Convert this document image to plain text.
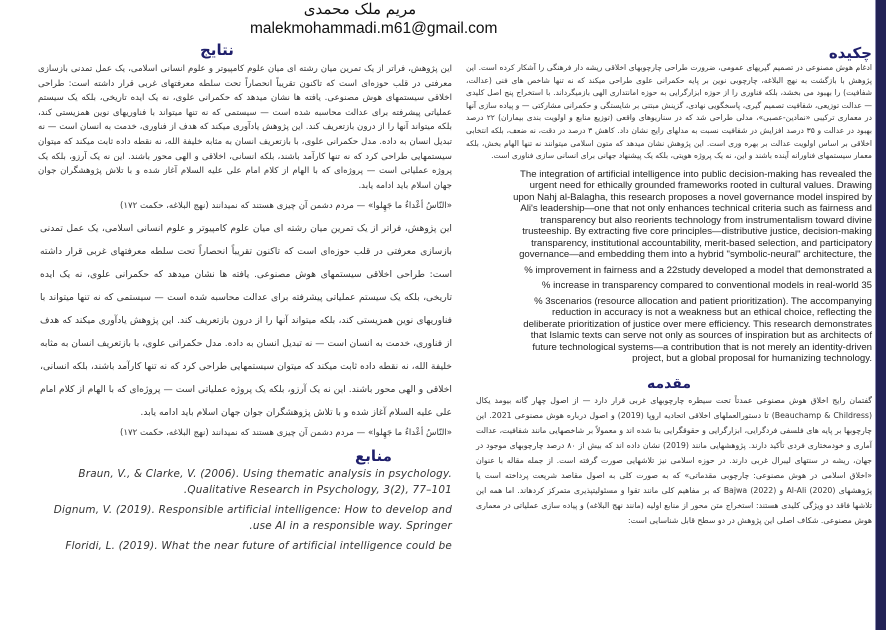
مریم ملک محمدی
malekmohammadi.m61@gmail.com
نتایج
این پژوهش، فراتر از یک تمرین میان رشته ای میان علوم کامپیوتر و علوم انسانی اسلامی، یک عمل تمدنی بازسازی معرفتی در قلب حوزه‌ای است که تاکنون تقریباً انحصاراً تحت سلطه معرفتهای غربی قرار داشته است: طراحی اخلاقی سیستمهای هوش مصنوعی. یافته ها نشان میدهد که حکمرانی علوی، نه یک ایده تاریخی، بلکه یک سیستم عملیاتی پیشرفته برای عدالت محاسبه شده است — سیستمی که نه تنها میتواند با فناوریهای نوین همزیستی کند، بلکه میتواند آنها را از درون بازتعریف کند. این پژوهش یادآوری میکند که هدف از فناوری، خدمت به انسان است — نه تبدیل انسان به داده. مدل حکمرانی علوی، با بازتعریف انسان به مثابه خلیفة الله، نه نقطه داده ثابت میکند که میتوان سیستمهایی طراحی کرد که نه تنها کارآمد باشند، بلکه انسانی، اخلاقی و الهی محور باشند. این نه یک آرزو، بلکه یک پروژه عملیاتی است — پروژه‌ای که با الهام از کلام امام علی علیه السلام آغاز شده و با تلاش پژوهشگران جوان جهان اسلام باید ادامه یابد.
«النّاسُ أعْداءُ ما جَهِلوا» — مردم دشمن آن چیزی هستند که نمیدانند (نهج البلاغه، حکمت ۱۷۲)
این پژوهش، فراتر از یک تمرین میان رشته ای میان علوم کامپیوتر و علوم انسانی اسلامی، یک عمل تمدنی بازسازی معرفتی در قلب حوزه‌ای است که تاکنون تقریباً انحصاراً تحت سلطه معرفتهای غربی قرار داشته است: طراحی اخلاقی سیستمهای هوش مصنوعی. یافته ها نشان میدهد که حکمرانی علوی، نه یک ایده تاریخی، بلکه یک سیستم عملیاتی پیشرفته برای عدالت محاسبه شده است — سیستمی که نه تنها میتواند با فناوریهای نوین همزیستی کند، بلکه میتواند آنها را از درون بازتعریف کند. این پژوهش یادآوری میکند که هدف از فناوری، خدمت به انسان است — نه تبدیل انسان به داده. مدل حکمرانی علوی، با بازتعریف انسان به مثابه خلیفة الله، نه نقطه داده ثابت میکند که میتوان سیستمهایی طراحی کرد که نه تنها کارآمد باشند، بلکه انسانی، اخلاقی و الهی محور باشند. این نه یک آرزو، بلکه یک پروژه عملیاتی است — پروژه‌ای که با الهام از کلام امام علی علیه السلام آغاز شده و با تلاش پژوهشگران جوان جهان اسلام باید ادامه یابد.
«النّاسُ أعْداءُ ما جَهِلوا» — مردم دشمن آن چیزی هستند که نمیدانند (نهج البلاغه، حکمت ۱۷۲)
منابع
Braun, V., & Clarke, V. (2006). Using thematic analysis in psychology.
.Qualitative Research in Psychology, 3(2), 77–101
Dignum, V. (2019). Responsible artificial intelligence: How to develop and
.use AI in a responsible way. Springer
Floridi, L. (2019). What the near future of artificial intelligence could be
چکیده
ادغام هوش مصنوعی در تصمیم گیریهای عمومی، ضرورت طراحی چارچوبهای اخلاقی ریشه دار فرهنگی را آشکار کرده است. این پژوهش با بازگشت به نهج البلاغه، چارچوبی نوین بر پایه حکمرانی علوی طراحی میکند که نه تنها شاخص های فنی (عدالت، شفافیت) را بهبود می بخشد، بلکه فناوری را از حوزه ابزارگرایی به حوزه امانتداری الهی بازمیگرداند. با استخراج پنج اصل کلیدی — عدالت توزیعی، شفافیت تصمیم گیری، پاسخگویی نهادی، گزینش مبتنی بر شایستگی و حکمرانی مشارکتی — و پیاده سازی آنها در معماری ترکیبی «نمادین-عصبی»، مدلی طراحی شد که در سناریوهای واقعی (توزیع منابع و اولویت بندی بیماران) ۲۲ درصد بهبود در عدالت و ۳۵ درصد افزایش در شفافیت نسبت به مدلهای رایج نشان داد. کاهش ۳ درصد در دقت، نه ضعف، بلکه انتخابی اخلاقی بر اساس اولویت عدالت بر بهره وری است. این پژوهش نشان میدهد که متون اسلامی میتوانند نه تنها الهام بخش، بلکه معمار سیستمهای فناورانه آینده باشند و این، نه یک پروژه هویتی، بلکه یک پیشنهاد جهانی برای انسانی سازی فناوری است.
The integration of artificial intelligence into public decision-making has revealed the
urgent need for ethically grounded frameworks rooted in cultural values. Drawing
upon Nahj al-Balagha, this research proposes a novel governance model inspired by
Ali's leadership—one that not only enhances technical criteria such as fairness and
transparency but also reorients technology from instrumentalism toward divine
trusteeship. By extracting five core principles—distributive justice, decision-making
transparency, institutional accountability, merit-based selection, and participatory
governance—and embedding them into a hybrid "symbolic-neural" architecture, the
% improvement in fairness and a 22study developed a model that demonstrated a
% increase in transparency compared to conventional models in real-world 35
% 3scenarios (resource allocation and patient prioritization). The accompanying
reduction in accuracy is not a weakness but an ethical choice, reflecting the
deliberate prioritization of justice over mere efficiency. This research demonstrates
that Islamic texts can serve not only as sources of inspiration but as architects of
future technological systems—a contribution that is not merely an identity-driven
project, but a global proposal for humanizing technology.
مقدمه
گفتمان رایج اخلاق هوش مصنوعی عمدتاً تحت سیطره چارچوبهای غربی قرار دارد — از اصول چهار گانه بیومد یکال (Beauchamp & Childress) تا دستورالعملهای اخلاقی اتحادیه اروپا (2019) و اصول درباره هوش مصنوعی 2021. این چارچوبها بر پایه های فلسفی فردگرایی، ابزارگرایی و حقوقگرایی بنا شده اند و معمولاً بر شاخصهایی مانند شفافیت، عدالت آماری و خودمختاری فردی تأکید دارند. پژوهشهایی مانند (2019) نشان داده اند که بیش از ۸۰ درصد چارچوبهای موجود در جهان، ریشه در سنتهای لیبرال غربی دارند. در حوزه اسلامی نیز تلاشهایی صورت گرفته است. از جمله مقاله با عنوان «اخلاق اسلامی در هوش مصنوعی: چارچوبی مقدماتی» که به صورت کلی به اصول مقاصد شریعت پرداخته است یا پژوهشهای Al-Ali (2020) و Bajwa (2022) که بر مفاهیم کلی مانند تقوا و مسئولیتپذیری متمرکز کردهاند. اما همه این تلاشها فاقد دو ویژگی کلیدی هستند: استخراج متن محور از منابع اولیه (مانند نهج البلاغه) و پیاده سازی عملیاتی در معماری هوش مصنوعی. شکاف اصلی این پژوهش در دو سطح قابل شناسایی است:
